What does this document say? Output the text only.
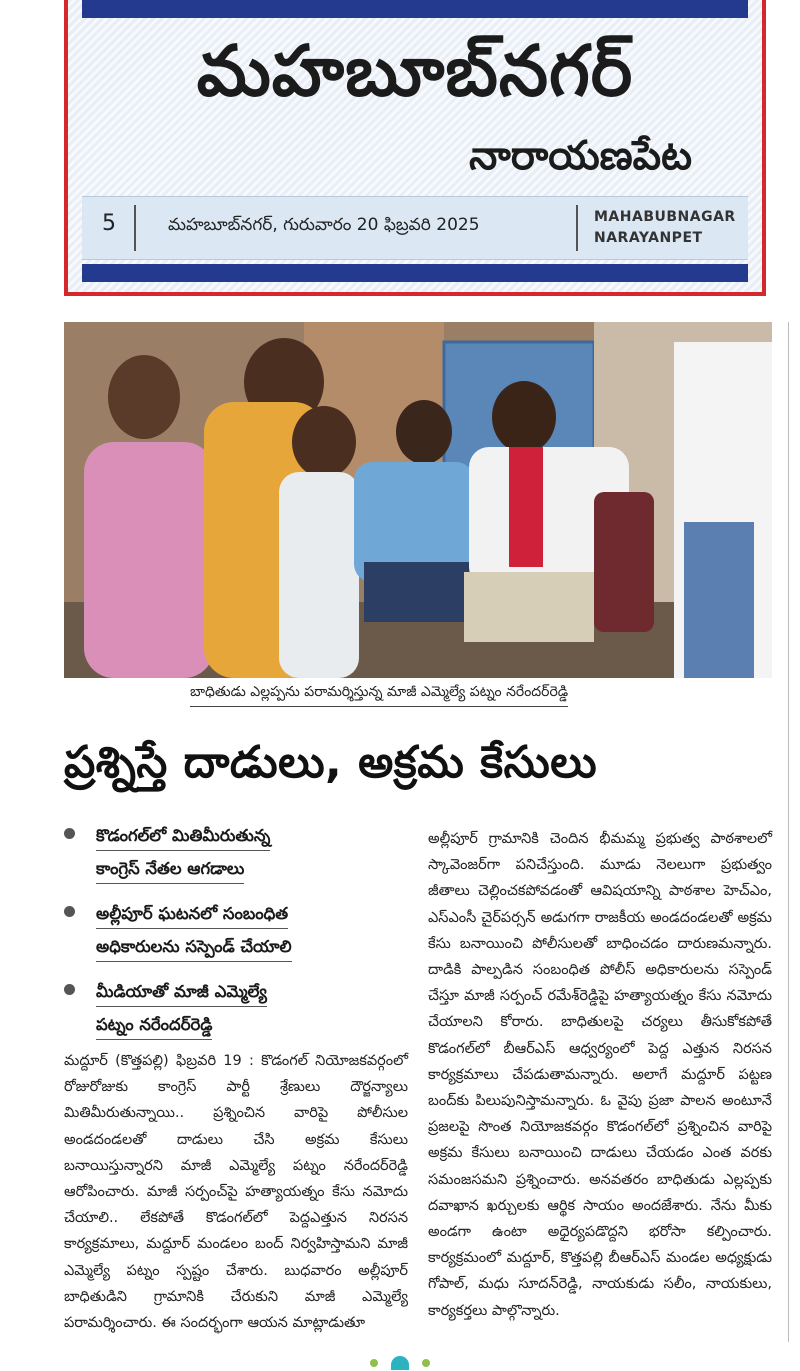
మహబూబ్‌నగర్
నారాయణపేట
5	మహబూబ్‌నగర్, గురువారం 20 ఫిబ్రవరి 2025	MAHABUBNAGAR
NARAYANPET
బాధితుడు ఎల్లప్పను పరామర్శిస్తున్న మాజీ ఎమ్మెల్యే పట్నం నరేందర్‌రెడ్డి
ప్రశ్నిస్తే దాడులు, అక్రమ కేసులు
కొడంగల్‌లో మితిమీరుతున్న
కాంగ్రెస్ నేతల ఆగడాలు
అల్లీపూర్ ఘటనలో సంబంధిత
అధికారులను సస్పెండ్ చేయాలి
మీడియాతో మాజీ ఎమ్మెల్యే
పట్నం నరేందర్‌రెడ్డి
మద్దూర్ (కొత్తపల్లి) ఫిబ్రవరి 19 : కొడంగల్ నియోజకవర్గంలో రోజురోజుకు కాంగ్రెస్ పార్టీ శ్రేణులు దౌర్జన్యాలు మితిమీరుతున్నాయి.. ప్రశ్నించిన వారిపై పోలీసుల అండదండలతో దాడులు చేసి అక్రమ కేసులు బనాయిస్తున్నారని మాజీ ఎమ్మెల్యే పట్నం నరేందర్‌రెడ్డి ఆరోపించారు. మాజీ సర్పంచ్‌పై హత్యాయత్నం కేసు నమోదు చేయాలి.. లేకపోతే కొడంగల్‌లో పెద్దఎత్తున నిరసన కార్యక్రమాలు, మద్దూర్ మండలం బంద్ నిర్వహిస్తామని మాజీ ఎమ్మెల్యే పట్నం స్పష్టం చేశారు. బుధవారం అల్లీపూర్ బాధితుడిని గ్రామానికి చేరుకుని మాజీ ఎమ్మెల్యే పరామర్శించారు. ఈ సందర్భంగా ఆయన మాట్లాడుతూ
అల్లీపూర్ గ్రామానికి చెందిన భీమమ్మ ప్రభుత్వ పాఠశాలలో స్కావెంజర్‌గా పనిచేస్తుంది. మూడు నెలలుగా ప్రభుత్వం జీతాలు చెల్లించకపోవడంతో ఆవిషయాన్ని పాఠశాల హెచ్‌ఎం, ఎస్‌ఎంసీ చైర్‌పర్సన్ అడుగగా రాజకీయ అండదండలతో అక్రమ కేసు బనాయించి పోలీసులతో బాధించడం దారుణమన్నారు. దాడికి పాల్పడిన సంబంధిత పోలీస్ అధికారులను సస్పెండ్ చేస్తూ మాజీ సర్పంచ్ రమేశ్‌రెడ్డిపై హత్యాయత్నం కేసు నమోదు చేయాలని కోరారు. బాధితులపై చర్యలు తీసుకోకపోతే కొడంగల్‌లో బీఆర్‌ఎస్ ఆధ్వర్యంలో పెద్ద ఎత్తున నిరసన కార్యక్రమాలు చేపడుతామన్నారు. అలాగే మద్దూర్ పట్టణ బంద్‌కు పిలుపునిస్తామన్నారు. ఓ వైపు ప్రజా పాలన అంటూనే ప్రజలపై సొంత నియోజకవర్గం కొడంగల్‌లో ప్రశ్నించిన వారిపై అక్రమ కేసులు బనాయించి దాడులు చేయడం ఎంత వరకు సమంజసమని ప్రశ్నించారు. అనవతరం బాధితుడు ఎల్లప్పకు దవాఖాన ఖర్చులకు ఆర్థిక సాయం అందజేశారు. నేను మీకు అండగా ఉంటా అధైర్యపడొద్దని భరోసా కల్పించారు. కార్యక్రమంలో మద్దూర్, కొత్తపల్లి బీఆర్‌ఎస్ మండల అధ్యక్షుడు గోపాల్, మధు సూదన్‌రెడ్డి, నాయకుడు సలీం, నాయకులు, కార్యకర్తలు పాల్గొన్నారు.
